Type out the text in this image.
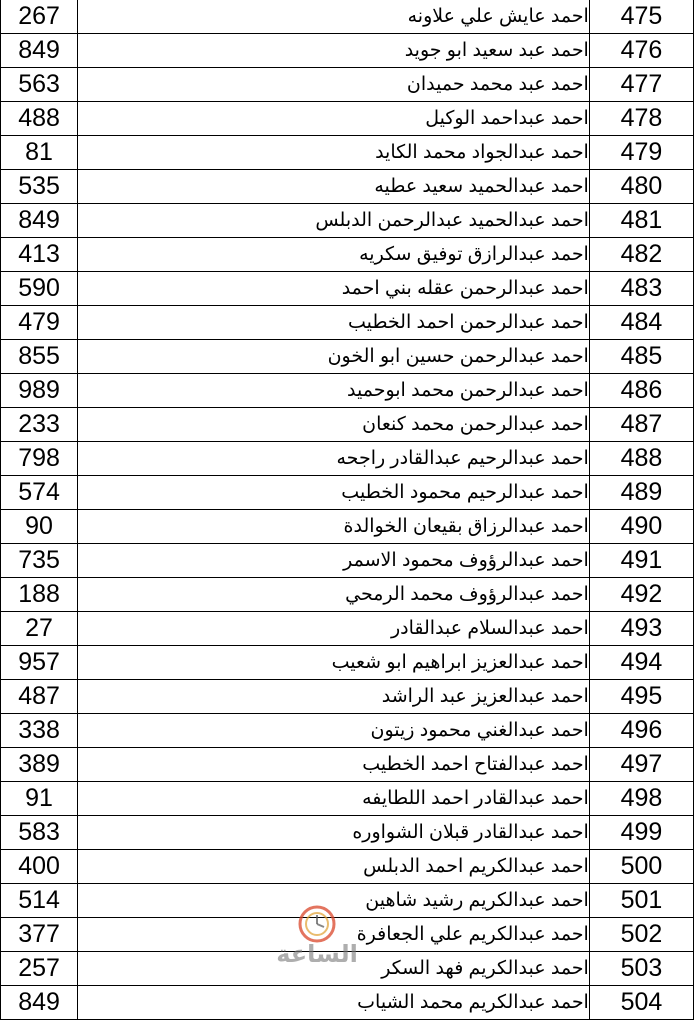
267	احمد عايش علي علاونه	475
849	احمد عبد سعيد ابو جويد	476
563	احمد عبد محمد حميدان	477
488	احمد عبداحمد الوكيل	478
81	احمد عبدالجواد محمد الكايد	479
535	احمد عبدالحميد سعيد عطيه	480
849	احمد عبدالحميد عبدالرحمن الدبلس	481
413	احمد عبدالرازق توفيق سكريه	482
590	احمد عبدالرحمن عقله بني احمد	483
479	احمد عبدالرحمن احمد الخطيب	484
855	احمد عبدالرحمن حسين ابو الخون	485
989	احمد عبدالرحمن محمد ابوحميد	486
233	احمد عبدالرحمن محمد كنعان	487
798	احمد عبدالرحيم عبدالقادر راجحه	488
574	احمد عبدالرحيم محمود الخطيب	489
90	احمد عبدالرزاق بقيعان الخوالدة	490
735	احمد عبدالرؤوف محمود الاسمر	491
188	احمد عبدالرؤوف محمد الرمحي	492
27	احمد عبدالسلام عبدالقادر	493
957	احمد عبدالعزيز ابراهيم ابو شعيب	494
487	احمد عبدالعزيز عبد الراشد	495
338	احمد عبدالغني محمود زيتون	496
389	احمد عبدالفتاح احمد الخطيب	497
91	احمد عبدالقادر احمد اللطايفه	498
583	احمد عبدالقادر قبلان الشواوره	499
400	احمد عبدالكريم احمد الدبلس	500
514	احمد عبدالكريم رشيد شاهين	501
377	احمد عبدالكريم علي الجعافرة	502
257	احمد عبدالكريم فهد السكر	503
849	احمد عبدالكريم محمد الشياب	504
الساعة
